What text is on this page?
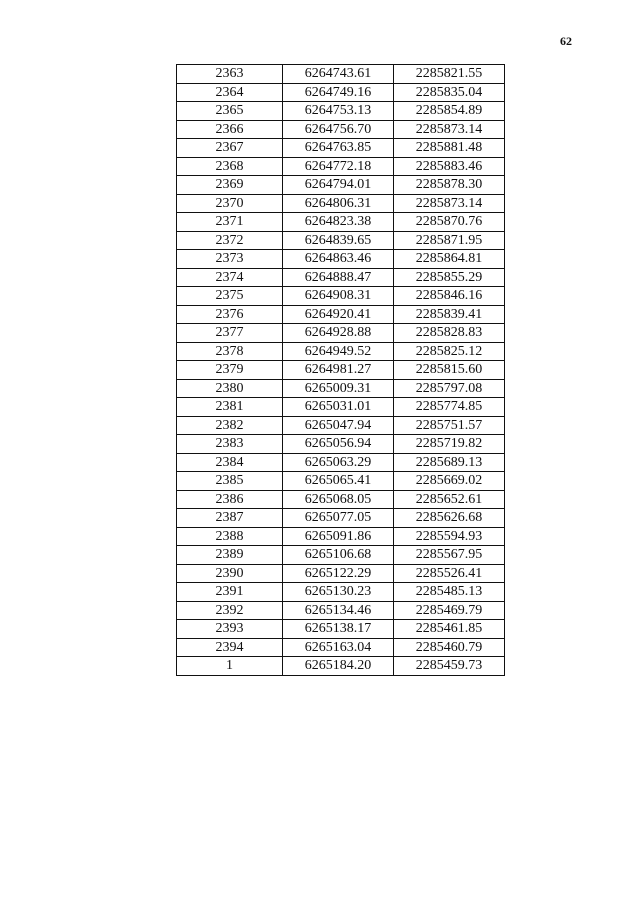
62
2363	6264743.61	2285821.55
2364	6264749.16	2285835.04
2365	6264753.13	2285854.89
2366	6264756.70	2285873.14
2367	6264763.85	2285881.48
2368	6264772.18	2285883.46
2369	6264794.01	2285878.30
2370	6264806.31	2285873.14
2371	6264823.38	2285870.76
2372	6264839.65	2285871.95
2373	6264863.46	2285864.81
2374	6264888.47	2285855.29
2375	6264908.31	2285846.16
2376	6264920.41	2285839.41
2377	6264928.88	2285828.83
2378	6264949.52	2285825.12
2379	6264981.27	2285815.60
2380	6265009.31	2285797.08
2381	6265031.01	2285774.85
2382	6265047.94	2285751.57
2383	6265056.94	2285719.82
2384	6265063.29	2285689.13
2385	6265065.41	2285669.02
2386	6265068.05	2285652.61
2387	6265077.05	2285626.68
2388	6265091.86	2285594.93
2389	6265106.68	2285567.95
2390	6265122.29	2285526.41
2391	6265130.23	2285485.13
2392	6265134.46	2285469.79
2393	6265138.17	2285461.85
2394	6265163.04	2285460.79
1	6265184.20	2285459.73
